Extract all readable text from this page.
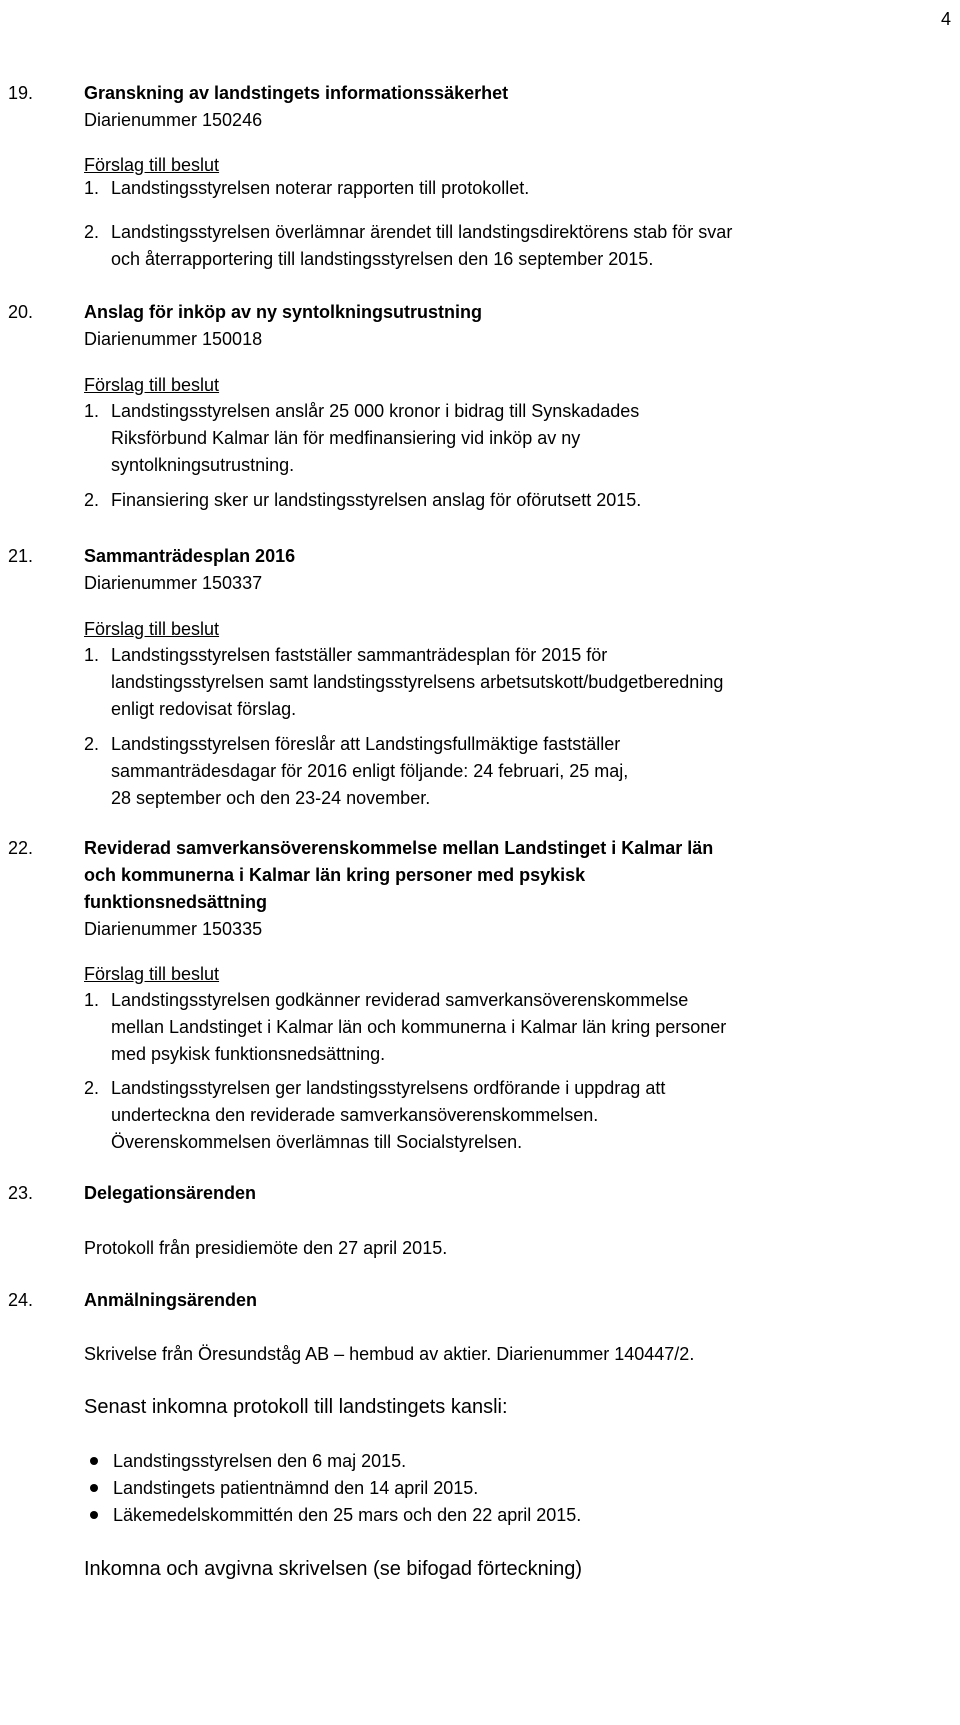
4
19.	Granskning av landstingets informationssäkerhet
Diarienummer 150246
Förslag till beslut
1. Landstingsstyrelsen noterar rapporten till protokollet.
2. Landstingsstyrelsen överlämnar ärendet till landstingsdirektörens stab för svar
och återrapportering till landstingsstyrelsen den 16 september 2015.
20.	Anslag för inköp av ny syntolkningsutrustning
Diarienummer 150018
Förslag till beslut
1. Landstingsstyrelsen anslår 25 000 kronor i bidrag till Synskadades
Riksförbund Kalmar län för medfinansiering vid inköp av ny
syntolkningsutrustning.
2. Finansiering sker ur landstingsstyrelsen anslag för oförutsett 2015.
21.	Sammanträdesplan 2016
Diarienummer 150337
Förslag till beslut
1. Landstingsstyrelsen fastställer sammanträdesplan för 2015 för
landstingsstyrelsen samt landstingsstyrelsens arbetsutskott/budgetberedning
enligt redovisat förslag.
2. Landstingsstyrelsen föreslår att Landstingsfullmäktige fastställer
sammanträdesdagar för 2016 enligt följande: 24 februari, 25 maj,
28 september och den 23-24 november.
22.	Reviderad samverkansöverenskommelse mellan Landstinget i Kalmar län
och kommunerna i Kalmar län kring personer med psykisk
funktionsnedsättning
Diarienummer 150335
Förslag till beslut
1. Landstingsstyrelsen godkänner reviderad samverkansöverenskommelse
mellan Landstinget i Kalmar län och kommunerna i Kalmar län kring personer
med psykisk funktionsnedsättning.
2. Landstingsstyrelsen ger landstingsstyrelsens ordförande i uppdrag att
underteckna den reviderade samverkansöverenskommelsen.
Överenskommelsen överlämnas till Socialstyrelsen.
23.	Delegationsärenden
Protokoll från presidiemöte den 27 april 2015.
24.	Anmälningsärenden
Skrivelse från Öresundståg AB – hembud av aktier. Diarienummer 140447/2.
Senast inkomna protokoll till landstingets kansli:
Landstingsstyrelsen den 6 maj 2015.
Landstingets patientnämnd den 14 april 2015.
Läkemedelskommittén den 25 mars och den 22 april 2015.
Inkomna och avgivna skrivelsen (se bifogad förteckning)
